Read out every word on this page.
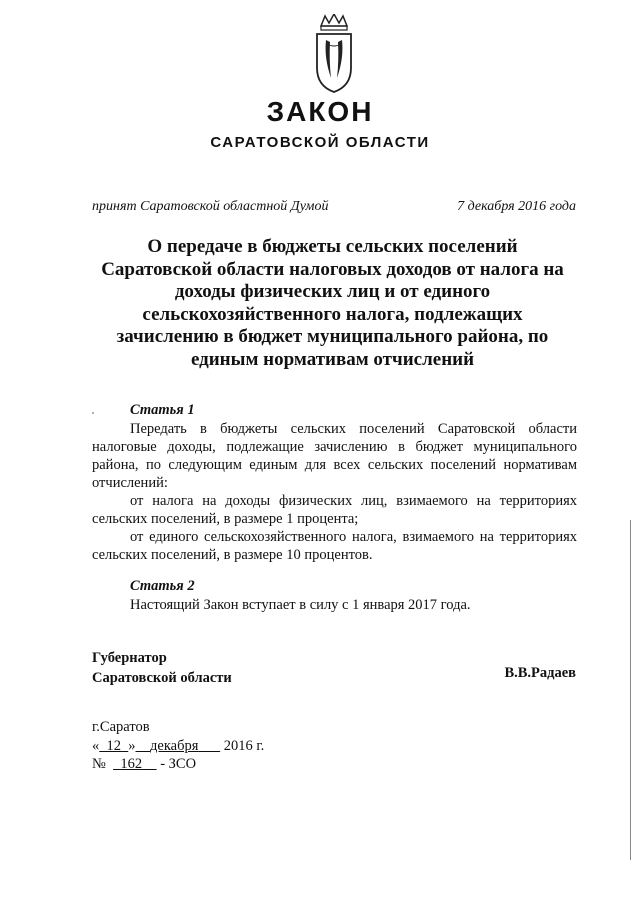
ЗАКОН
САРАТОВСКОЙ ОБЛАСТИ
принят Саратовской областной Думой	7 декабря 2016 года
О передаче в бюджеты сельских поселений
Саратовской области налоговых доходов от налога на
доходы физических лиц и от единого
сельскохозяйственного налога, подлежащих
зачислению в бюджет муниципального района, по
единым нормативам отчислений
Статья 1
Передать в бюджеты сельских поселений Саратовской области налоговые доходы, подлежащие зачислению в бюджет муниципального района, по следующим единым для всех сельских поселений нормативам отчислений:
от налога на доходы физических лиц, взимаемого на территориях сельских поселений, в размере 1 процента;
от единого сельскохозяйственного налога, взимаемого на территориях сельских поселений, в размере 10 процентов.
Статья 2
Настоящий Закон вступает в силу с 1 января 2017 года.
Губернатор
Саратовской области	В.В.Радаев
г.Саратов
« 12 » декабря 2016 г.
№    162 - ЗСО
